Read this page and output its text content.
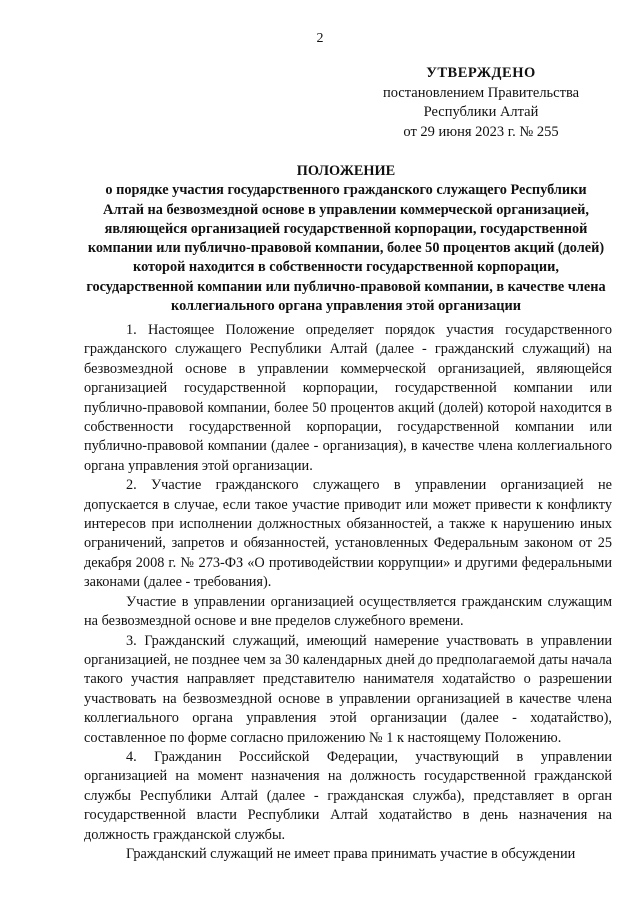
2
УТВЕРЖДЕНО
постановлением Правительства
Республики Алтай
от 29 июня 2023 г. № 255
ПОЛОЖЕНИЕ
о порядке участия государственного гражданского служащего Республики Алтай на безвозмездной основе в управлении коммерческой организацией, являющейся организацией государственной корпорации, государственной компании или публично-правовой компании, более 50 процентов акций (долей) которой находится в собственности государственной корпорации, государственной компании или публично-правовой компании, в качестве члена коллегиального органа управления этой организации

1. Настоящее Положение определяет порядок участия государственного гражданского служащего Республики Алтай (далее - гражданский служащий) на безвозмездной основе в управлении коммерческой организацией, являющейся организацией государственной корпорации, государственной компании или публично-правовой компании, более 50 процентов акций (долей) которой находится в собственности государственной корпорации, государственной компании или публично-правовой компании (далее - организация), в качестве члена коллегиального органа управления этой организации.

2. Участие гражданского служащего в управлении организацией не допускается в случае, если такое участие приводит или может привести к конфликту интересов при исполнении должностных обязанностей, а также к нарушению иных ограничений, запретов и обязанностей, установленных Федеральным законом от 25 декабря 2008 г. № 273-ФЗ «О противодействии коррупции» и другими федеральными законами (далее - требования).

Участие в управлении организацией осуществляется гражданским служащим на безвозмездной основе и вне пределов служебного времени.

3. Гражданский служащий, имеющий намерение участвовать в управлении организацией, не позднее чем за 30 календарных дней до предполагаемой даты начала такого участия направляет представителю нанимателя ходатайство о разрешении участвовать на безвозмездной основе в управлении организацией в качестве члена коллегиального органа управления этой организации (далее - ходатайство), составленное по форме согласно приложению № 1 к настоящему Положению.

4. Гражданин Российской Федерации, участвующий в управлении организацией на момент назначения на должность государственной гражданской службы Республики Алтай (далее - гражданская служба), представляет в орган государственной власти Республики Алтай ходатайство в день назначения на должность гражданской службы.

Гражданский служащий не имеет права принимать участие в обсуждении
